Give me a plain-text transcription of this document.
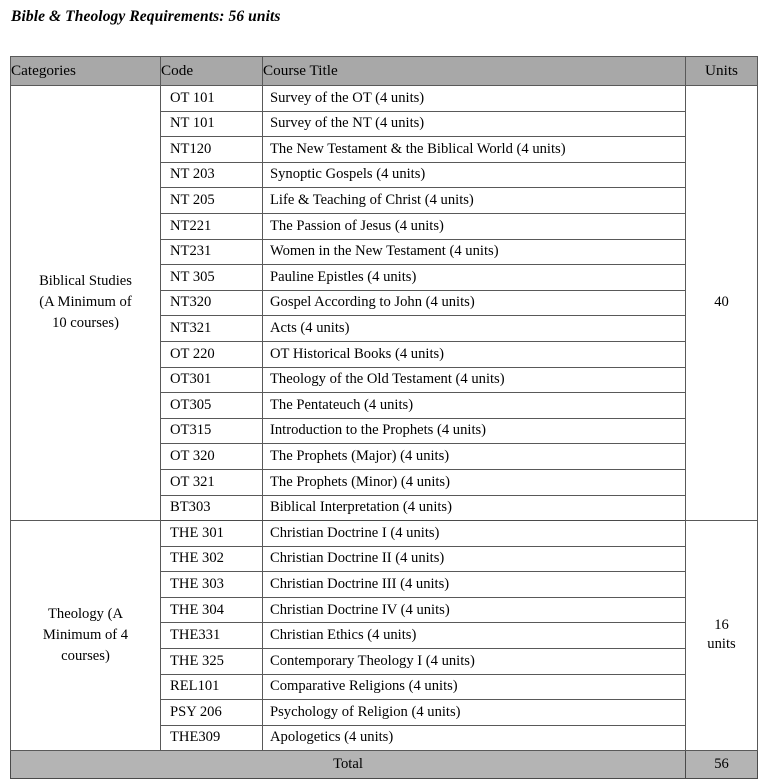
Bible & Theology Requirements: 56 units
Categories	Code	Course Title	Units
Biblical Studies
(A Minimum of
10 courses)	OT 101	Survey of the OT (4 units)	40
	NT 101	Survey of the NT (4 units)	
	NT120	The New Testament & the Biblical World (4 units)	
	NT 203	Synoptic Gospels (4 units)	
	NT 205	Life & Teaching of Christ (4 units)	
	NT221	The Passion of Jesus (4 units)	
	NT231	Women in the New Testament (4 units)	
	NT 305	Pauline Epistles (4 units)	
	NT320	Gospel According to John (4 units)	
	NT321	Acts (4 units)	
	OT 220	OT Historical Books (4 units)	
	OT301	Theology of the Old Testament (4 units)	
	OT305	The Pentateuch (4 units)	
	OT315	Introduction to the Prophets (4 units)	
	OT 320	The Prophets (Major) (4 units)	
	OT 321	The Prophets (Minor) (4 units)	
	BT303	Biblical Interpretation (4 units)	
Theology (A
Minimum of 4
courses)	THE 301	Christian Doctrine I (4 units)	16
units
	THE 302	Christian Doctrine II (4 units)	
	THE 303	Christian Doctrine III (4 units)	
	THE 304	Christian Doctrine IV (4 units)	
	THE331	Christian Ethics (4 units)	
	THE 325	Contemporary Theology I (4 units)	
	REL101	Comparative Religions (4 units)	
	PSY 206	Psychology of Religion (4 units)	
	THE309	Apologetics (4 units)	
Total			56
